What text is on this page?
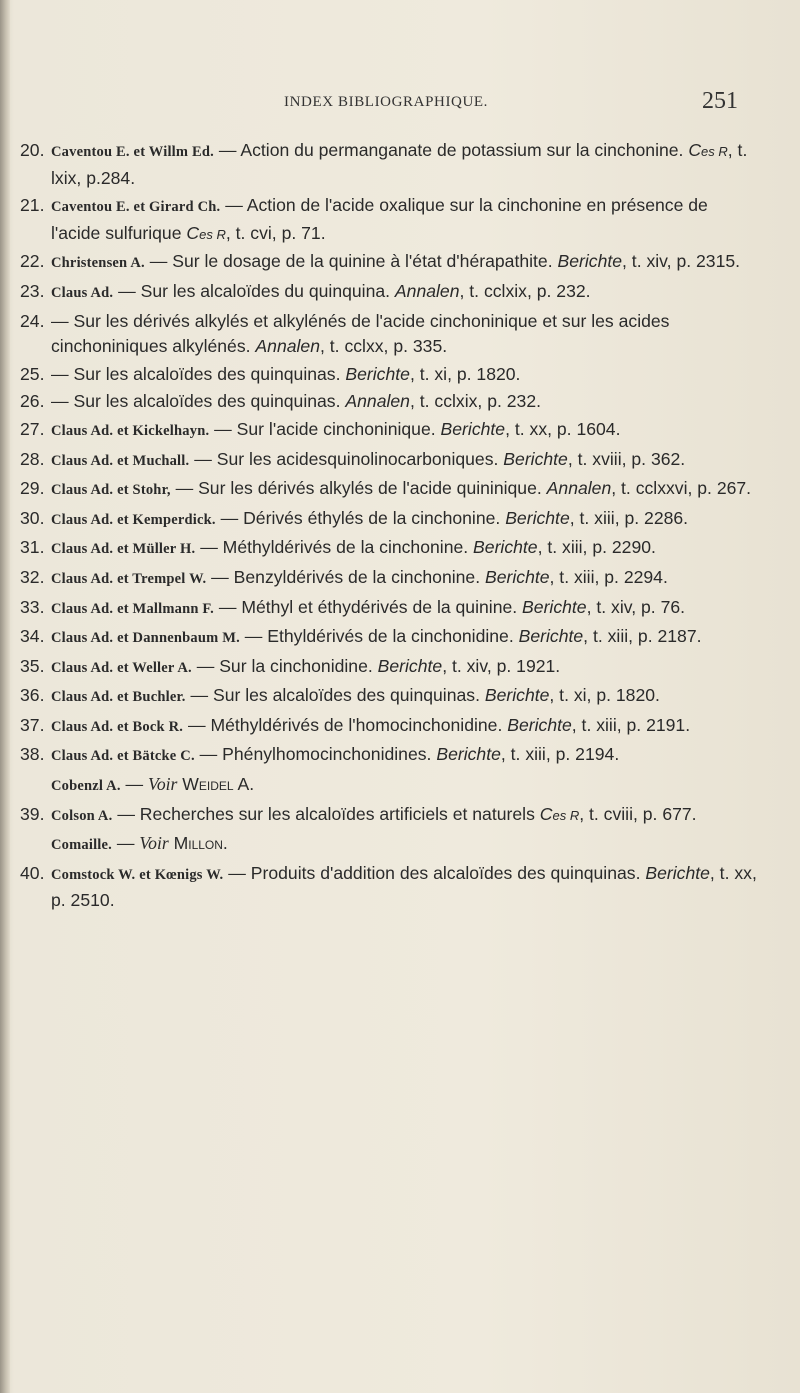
INDEX BIBLIOGRAPHIQUE.	251
20. Caventou E. et Willm Ed. — Action du permanganate de potassium sur la cinchonine. Ces R, t. lxix, p.284.
21. Caventou E. et Girard Ch. — Action de l'acide oxalique sur la cinchonine en présence de l'acide sulfurique Ces R, t. cvi, p. 71.
22. Christensen A. — Sur le dosage de la quinine à l'état d'hérapathite. Berichte, t. xiv, p. 2315.
23. Claus Ad. — Sur les alcaloïdes du quinquina. Annalen, t. cclxix, p. 232.
24. — Sur les dérivés alkylés et alkylénés de l'acide cinchoninique et sur les acides cinchoniniques alkylénés. Annalen, t. cclxx, p. 335.
25. — Sur les alcaloïdes des quinquinas. Berichte, t. xi, p. 1820.
26. — Sur les alcaloïdes des quinquinas. Annalen, t. cclxix, p. 232.
27. Claus Ad. et Kickelhayn. — Sur l'acide cinchoninique. Berichte, t. xx, p. 1604.
28. Claus Ad. et Muchall. — Sur les acidesquinolinocarboniques. Berichte, t. xviii, p. 362.
29. Claus Ad. et Stohr, — Sur les dérivés alkylés de l'acide quininique. Annalen, t. cclxxvi, p. 267.
30. Claus Ad. et Kemperdick. — Dérivés éthylés de la cinchonine. Berichte, t. xiii, p. 2286.
31. Claus Ad. et Müller H. — Méthyldérivés de la cinchonine. Berichte, t. xiii, p. 2290.
32. Claus Ad. et Trempel W. — Benzyldérivés de la cinchonine. Berichte, t. xiii, p. 2294.
33. Claus Ad. et Mallmann F. — Méthyl et éthydérivés de la quinine. Berichte, t. xiv, p. 76.
34. Claus Ad. et Dannenbaum M. — Ethyldérivés de la cinchonidine. Berichte, t. xiii, p. 2187.
35. Claus Ad. et Weller A. — Sur la cinchonidine. Berichte, t. xiv, p. 1921.
36. Claus Ad. et Buchler. — Sur les alcaloïdes des quinquinas. Berichte, t. xi, p. 1820.
37. Claus Ad. et Bock R. — Méthyldérivés de l'homocinchonidine. Berichte, t. xiii, p. 2191.
38. Claus Ad. et Bätcke C. — Phénylhomocinchonidines. Berichte, t. xiii, p. 2194.
Cobenzl A. — Voir Weidel A.
39. Colson A. — Recherches sur les alcaloïdes artificiels et naturels Ces R, t. cviii, p. 677.
Comaille. — Voir Millon.
40. Comstock W. et Kœnigs W. — Produits d'addition des alcaloïdes des quinquinas. Berichte, t. xx, p. 2510.
